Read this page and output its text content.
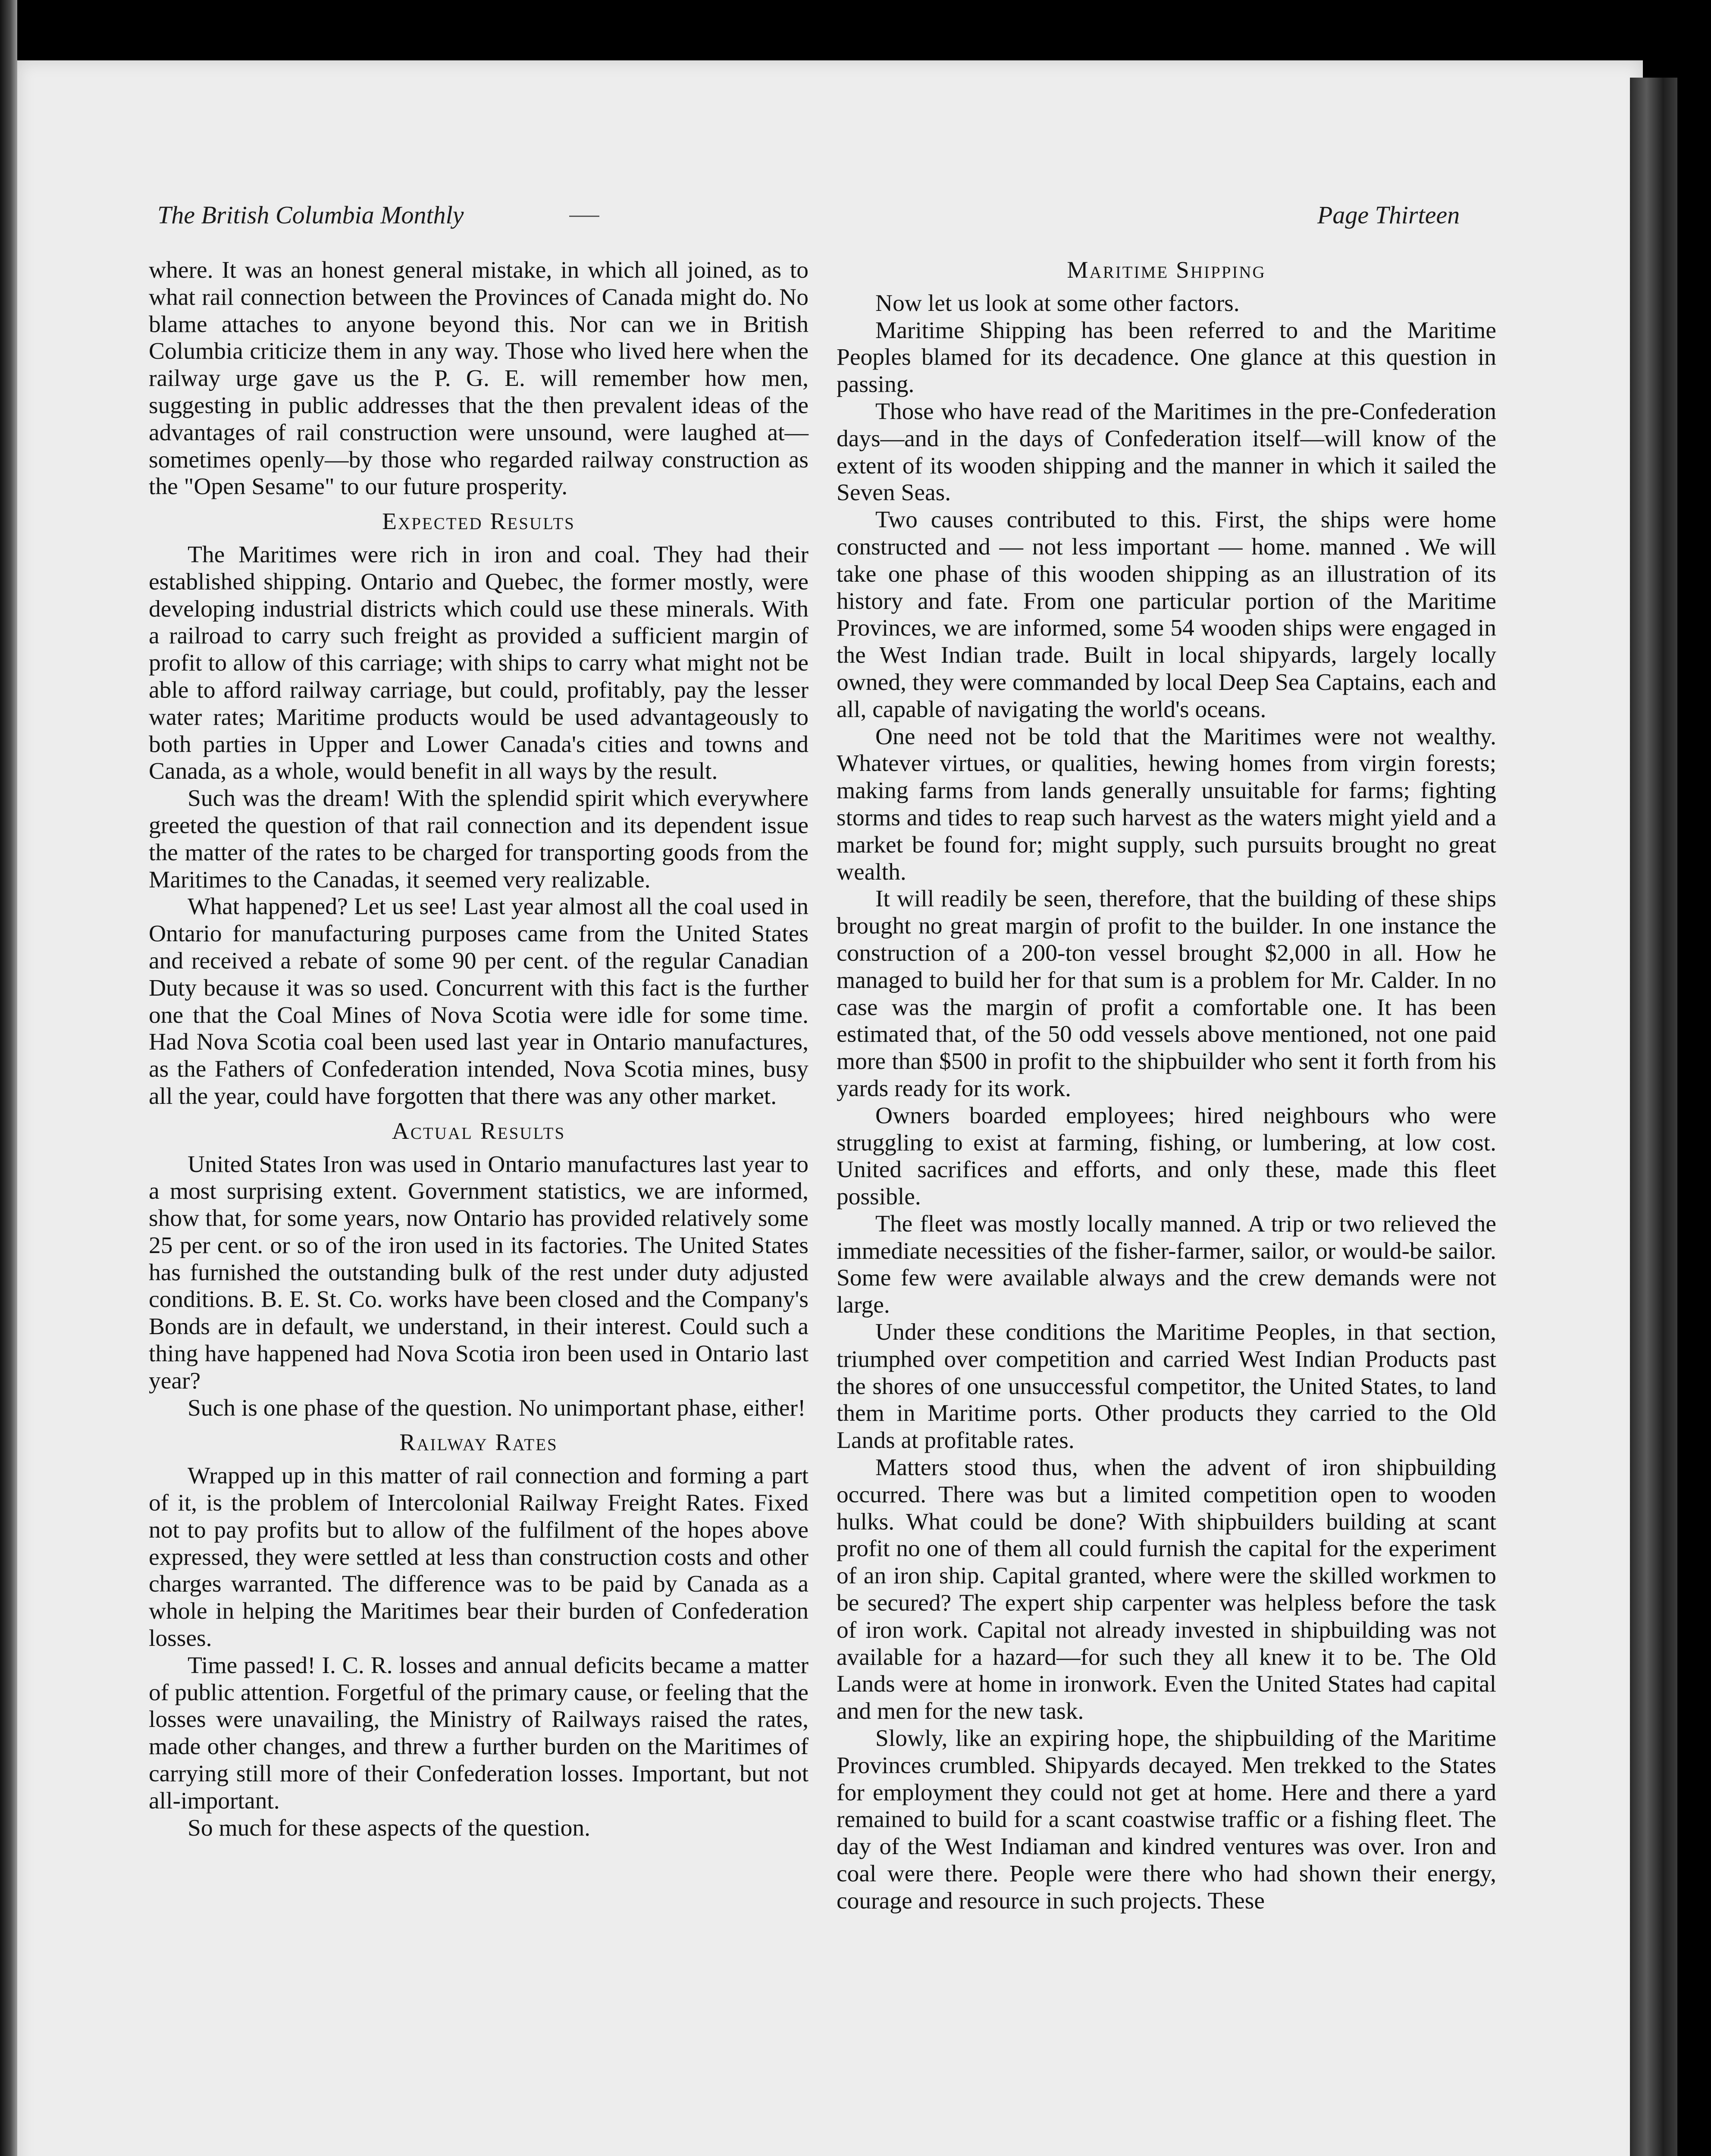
The British Columbia Monthly	Page Thirteen

where. It was an honest general mistake, in which all joined, as to what rail connection between the Provinces of Canada might do. No blame attaches to anyone beyond this. Nor can we in British Columbia criticize them in any way. Those who lived here when the railway urge gave us the P. G. E. will remember how men, suggesting in public addresses that the then prevalent ideas of the advantages of rail construction were unsound, were laughed at—sometimes openly—by those who regarded railway construction as the "Open Sesame" to our future prosperity.

Expected Results

The Maritimes were rich in iron and coal. They had their established shipping. Ontario and Quebec, the former mostly, were developing industrial districts which could use these minerals. With a railroad to carry such freight as provided a sufficient margin of profit to allow of this carriage; with ships to carry what might not be able to afford railway carriage, but could, profitably, pay the lesser water rates; Maritime products would be used advantageously to both parties in Upper and Lower Canada's cities and towns and Canada, as a whole, would benefit in all ways by the result.

Such was the dream! With the splendid spirit which everywhere greeted the question of that rail connection and its dependent issue the matter of the rates to be charged for transporting goods from the Maritimes to the Canadas, it seemed very realizable.

What happened? Let us see! Last year almost all the coal used in Ontario for manufacturing purposes came from the United States and received a rebate of some 90 per cent. of the regular Canadian Duty because it was so used. Concurrent with this fact is the further one that the Coal Mines of Nova Scotia were idle for some time. Had Nova Scotia coal been used last year in Ontario manufactures, as the Fathers of Confederation intended, Nova Scotia mines, busy all the year, could have forgotten that there was any other market.

Actual Results

United States Iron was used in Ontario manufactures last year to a most surprising extent. Government statistics, we are informed, show that, for some years, now Ontario has provided relatively some 25 per cent. or so of the iron used in its factories. The United States has furnished the outstanding bulk of the rest under duty adjusted conditions. B. E. St. Co. works have been closed and the Company's Bonds are in default, we understand, in their interest. Could such a thing have happened had Nova Scotia iron been used in Ontario last year?

Such is one phase of the question. No unimportant phase, either!

Railway Rates

Wrapped up in this matter of rail connection and forming a part of it, is the problem of Intercolonial Railway Freight Rates. Fixed not to pay profits but to allow of the fulfilment of the hopes above expressed, they were settled at less than construction costs and other charges warranted. The difference was to be paid by Canada as a whole in helping the Maritimes bear their burden of Confederation losses.

Time passed! I. C. R. losses and annual deficits became a matter of public attention. Forgetful of the primary cause, or feeling that the losses were unavailing, the Ministry of Railways raised the rates, made other changes, and threw a further burden on the Maritimes of carrying still more of their Confederation losses. Important, but not all-important.

So much for these aspects of the question.

Maritime Shipping

Now let us look at some other factors.

Maritime Shipping has been referred to and the Maritime Peoples blamed for its decadence. One glance at this question in passing.

Those who have read of the Maritimes in the pre-Confederation days—and in the days of Confederation itself—will know of the extent of its wooden shipping and the manner in which it sailed the Seven Seas.

Two causes contributed to this. First, the ships were home constructed and — not less important — home. manned . We will take one phase of this wooden shipping as an illustration of its history and fate. From one particular portion of the Maritime Provinces, we are informed, some 54 wooden ships were engaged in the West Indian trade. Built in local shipyards, largely locally owned, they were commanded by local Deep Sea Captains, each and all, capable of navigating the world's oceans.

One need not be told that the Maritimes were not wealthy. Whatever virtues, or qualities, hewing homes from virgin forests; making farms from lands generally unsuitable for farms; fighting storms and tides to reap such harvest as the waters might yield and a market be found for; might supply, such pursuits brought no great wealth.

It will readily be seen, therefore, that the building of these ships brought no great margin of profit to the builder. In one instance the construction of a 200-ton vessel brought $2,000 in all. How he managed to build her for that sum is a problem for Mr. Calder. In no case was the margin of profit a comfortable one. It has been estimated that, of the 50 odd vessels above mentioned, not one paid more than $500 in profit to the shipbuilder who sent it forth from his yards ready for its work.

Owners boarded employees; hired neighbours who were struggling to exist at farming, fishing, or lumbering, at low cost. United sacrifices and efforts, and only these, made this fleet possible.

The fleet was mostly locally manned. A trip or two relieved the immediate necessities of the fisher-farmer, sailor, or would-be sailor. Some few were available always and the crew demands were not large.

Under these conditions the Maritime Peoples, in that section, triumphed over competition and carried West Indian Products past the shores of one unsuccessful competitor, the United States, to land them in Maritime ports. Other products they carried to the Old Lands at profitable rates.

Matters stood thus, when the advent of iron shipbuilding occurred. There was but a limited competition open to wooden hulks. What could be done? With shipbuilders building at scant profit no one of them all could furnish the capital for the experiment of an iron ship. Capital granted, where were the skilled workmen to be secured? The expert ship carpenter was helpless before the task of iron work. Capital not already invested in shipbuilding was not available for a hazard—for such they all knew it to be. The Old Lands were at home in ironwork. Even the United States had capital and men for the new task.

Slowly, like an expiring hope, the shipbuilding of the Maritime Provinces crumbled. Shipyards decayed. Men trekked to the States for employment they could not get at home. Here and there a yard remained to build for a scant coastwise traffic or a fishing fleet. The day of the West Indiaman and kindred ventures was over. Iron and coal were there. People were there who had shown their energy, courage and resource in such projects. These
